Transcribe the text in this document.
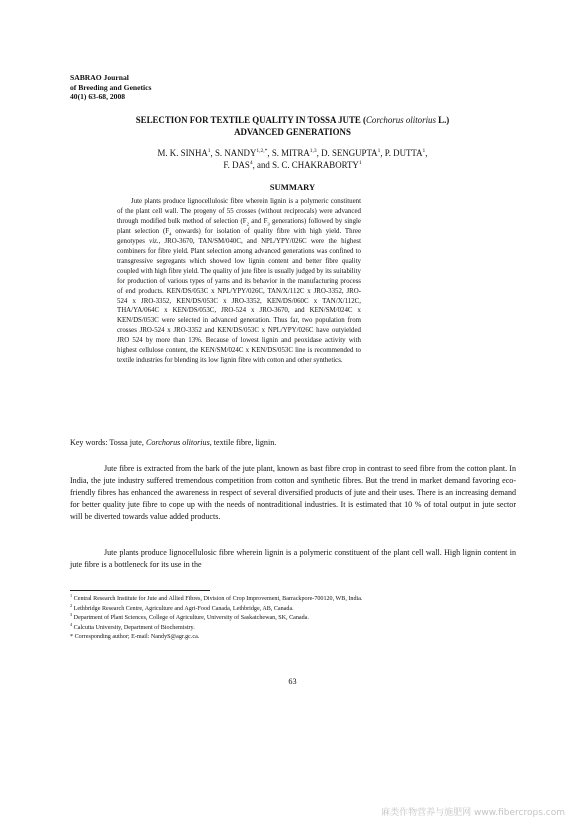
SABRAO Journal
of Breeding and Genetics
40(1) 63-68, 2008
SELECTION FOR TEXTILE QUALITY IN TOSSA JUTE (Corchorus olitorius L.)
ADVANCED GENERATIONS
M. K. SINHA$^1$, S. $NANDY^{1,2,*}$, S. MITRA$^{1,3}$, D. SENGUPTA$^1$, P. DUTTA$^1$,
F. DAS$^4$, and S. C. CHAKRABORTY$^1$
SUMMARY

Jute plants produce lignocellulosic fibre wherein lignin is a polymeric constituent of the plant cell wall. The progeny of 55 crosses (without reciprocals) were advanced through modified bulk method of selection ($F_2$ and $F_3$ generations) followed by single plant selection ($F_4$ onwards) for isolation of quality fibre with high yield. Three genotypes viz., JRO-3670, TAN/SM/040C, and NPL/YPY/026C were the highest combiners for fibre yield. Plant selection among advanced generations was confined to transgressive segregants which showed low lignin content and better fibre quality coupled with high fibre yield. The quality of jute fibre is usually judged by its suitability for production of various types of yarns and its behavior in the manufacturing process of end products. KEN/DS/053C x NPL/YPY/026C, TAN/X/112C x JRO-3352, JRO-524 x JRO-3352, KEN/DS/053C x JRO-3352, KEN/DS/060C x TAN/X/112C, THA/YA/064C x KEN/DS/053C, JRO-524 x JRO-3670, and KEN/SM/024C x KEN/DS/053C were selected in advanced generation. Thus far, two population from crosses JRO-524 x JRO-3352 and KEN/DS/053C x NPL/YPY/026C have outyielded JRO 524 by more than 13%. Because of lowest lignin and peoxidase activity with highest cellulose content, the KEN/SM/024C x KEN/DS/053C line is recommended to textile industries for blending its low lignin fibre with cotton and other synthetics.

Key words: Tossa jute, Corchorus olitorius, textile fibre, lignin.

Jute fibre is extracted from the bark of the jute plant, known as bast fibre crop in contrast to seed fibre from the cotton plant. In India, the jute industry suffered tremendous competition from cotton and synthetic fibres. But the trend in market demand favoring eco-friendly fibres has enhanced the awareness in respect of several diversified products of jute and their uses. There is an increasing demand for better quality jute fibre to cope up with the needs of nontraditional industries. It is estimated that 10 % of total output in jute sector will be diverted towards value added products.

Jute plants produce lignocellulosic fibre wherein lignin is a polymeric constituent of the plant cell wall. High lignin content in jute fibre is a bottleneck for its use in the

$^1$ Central Research Institute for Jute and Allied Fibres, Division of Crop Improvement, Barrackpore-700120, WB, India.
$^2$ Lethbridge Research Centre, Agriculture and Agri-Food Canada, Lethbridge, AB, Canada.
$^3$ Department of Plant Sciences, College of Agriculture, University of Saskatchewan, SK, Canada.
$^4$ Calcutta University, Department of Biochemistry.
* Corresponding author; E-mail: NandyS@agr.gc.ca.
63
麻类作物营养与施肥网 www.fibercrops.com
